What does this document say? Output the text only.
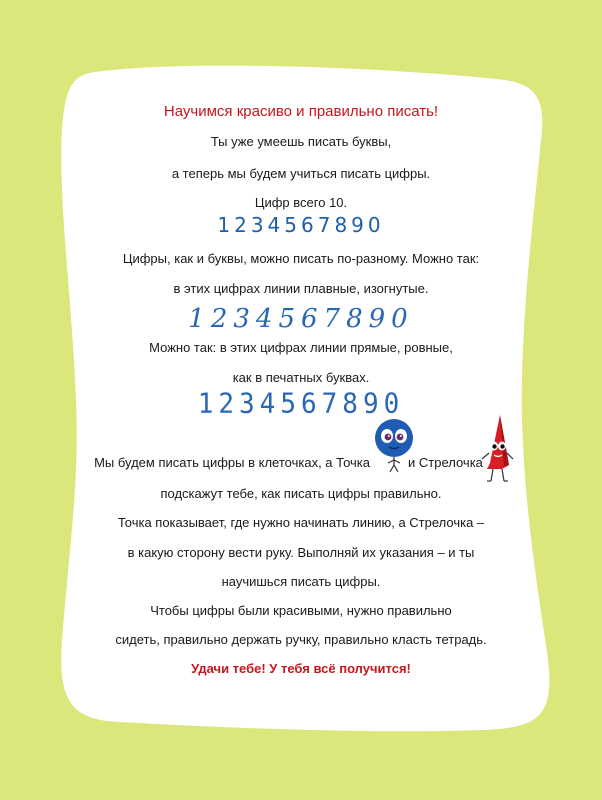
Научимся красиво и правильно писать!
Ты уже умеешь писать буквы,
а теперь мы будем учиться писать цифры.
Цифр всего 10.
1234567890
Цифры, как и буквы, можно писать по-разному. Можно так:
в этих цифрах линии плавные, изогнутые.
1234567890
Можно так: в этих цифрах линии прямые, ровные,
как в печатных буквах.
1234567890
Мы будем писать цифры в клеточках, а Точка	и Стрелочка
подскажут тебе, как писать цифры правильно.
Точка показывает, где нужно начинать линию, а Стрелочка –
в какую сторону вести руку. Выполняй их указания – и ты
научишься писать цифры.
Чтобы цифры были красивыми, нужно правильно
сидеть, правильно держать ручку, правильно класть тетрадь.
Удачи тебе! У тебя всё получится!
